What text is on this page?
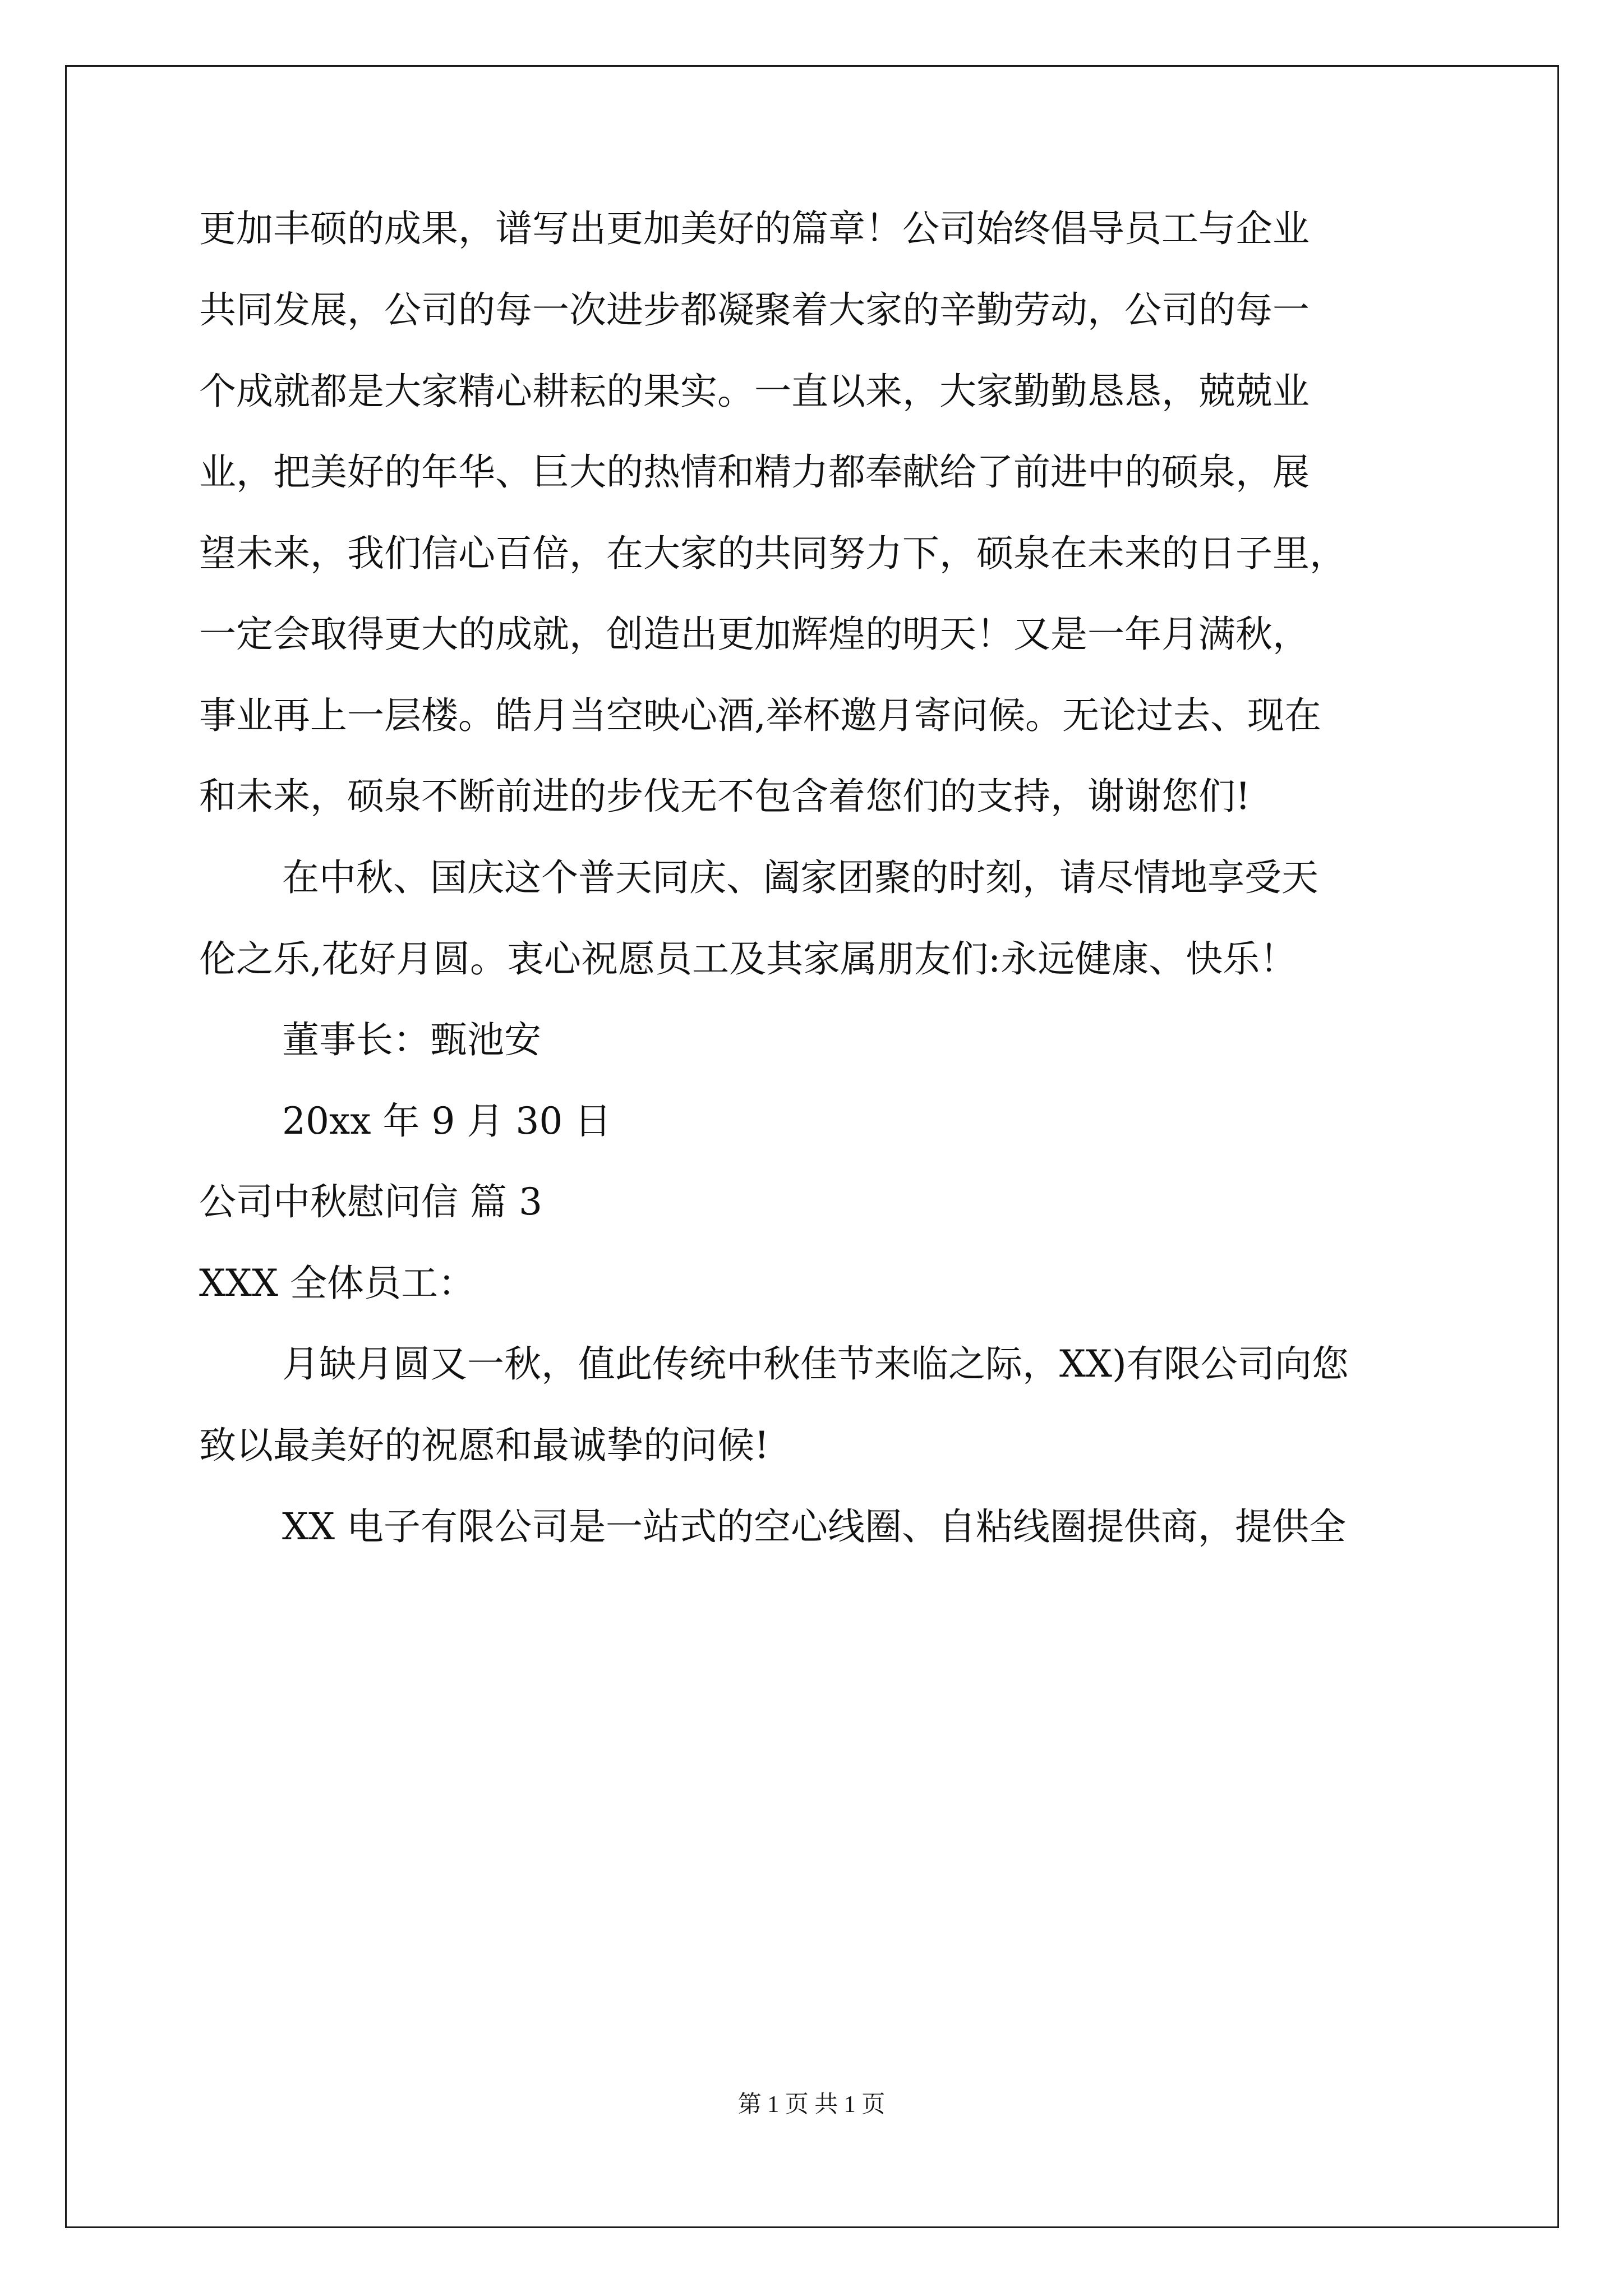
更加丰硕的成果，谱写出更加美好的篇章！公司始终倡导员工与企业
共同发展，公司的每一次进步都凝聚着大家的辛勤劳动，公司的每一
个成就都是大家精心耕耘的果实。一直以来，大家勤勤恳恳，兢兢业
业，把美好的年华、巨大的热情和精力都奉献给了前进中的硕泉，展
望未来，我们信心百倍，在大家的共同努力下，硕泉在未来的日子里，
一定会取得更大的成就，创造出更加辉煌的明天！又是一年月满秋，
事业再上一层楼。皓月当空映心酒,举杯邀月寄问候。无论过去、现在
和未来，硕泉不断前进的步伐无不包含着您们的支持，谢谢您们!
在中秋、国庆这个普天同庆、阖家团聚的时刻，请尽情地享受天
伦之乐,花好月圆。衷心祝愿员工及其家属朋友们:永远健康、快乐！
董事长：甄池安
20xx 年 9 月 30 日
公司中秋慰问信 篇 3
XXX 全体员工：
月缺月圆又一秋，值此传统中秋佳节来临之际，XX)有限公司向您
致以最美好的祝愿和最诚挚的问候!
XX 电子有限公司是一站式的空心线圈、自粘线圈提供商，提供全
第 1 页 共 1 页
